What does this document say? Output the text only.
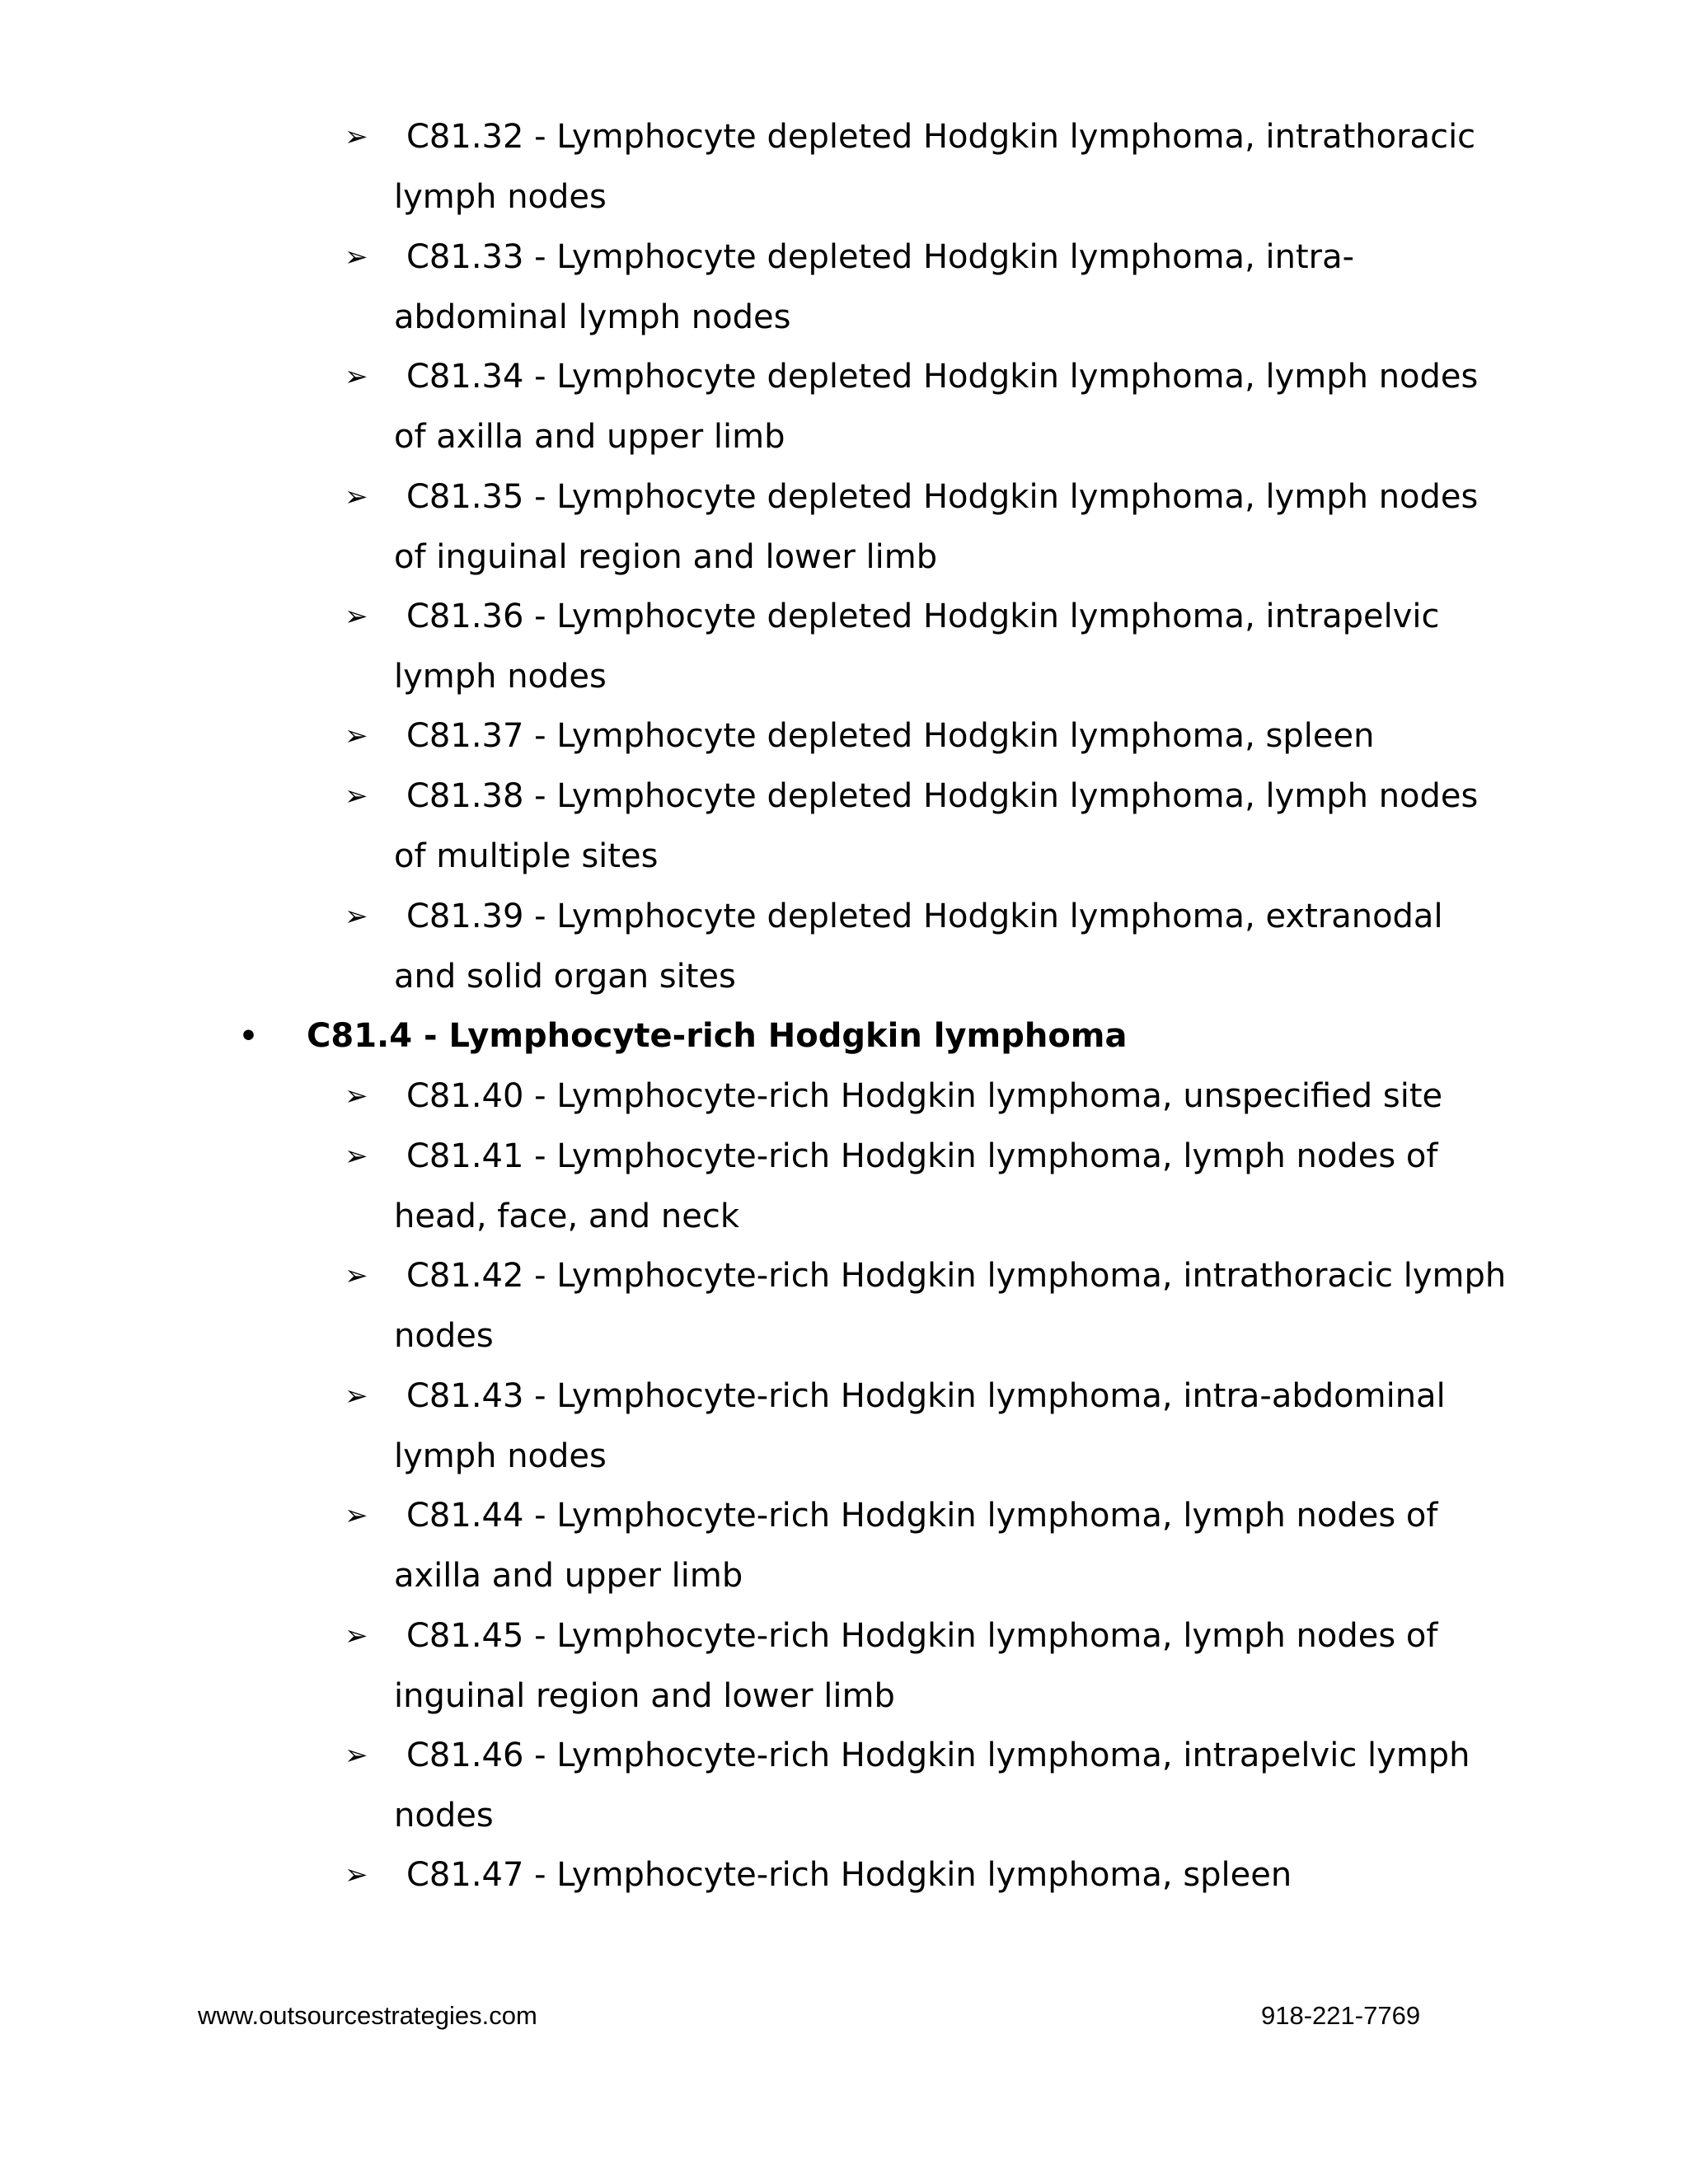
➢	C81.32 - Lymphocyte depleted Hodgkin lymphoma, intrathoracic lymph nodes
➢	C81.33 - Lymphocyte depleted Hodgkin lymphoma, intra-abdominal lymph nodes
➢	C81.34 - Lymphocyte depleted Hodgkin lymphoma, lymph nodes of axilla and upper limb
➢	C81.35 - Lymphocyte depleted Hodgkin lymphoma, lymph nodes of inguinal region and lower limb
➢	C81.36 - Lymphocyte depleted Hodgkin lymphoma, intrapelvic lymph nodes
➢	C81.37 - Lymphocyte depleted Hodgkin lymphoma, spleen
➢	C81.38 - Lymphocyte depleted Hodgkin lymphoma, lymph nodes of multiple sites
➢	C81.39 - Lymphocyte depleted Hodgkin lymphoma, extranodal and solid organ sites
• C81.4 - Lymphocyte-rich Hodgkin lymphoma
➢	C81.40 - Lymphocyte-rich Hodgkin lymphoma, unspecified site
➢	C81.41 - Lymphocyte-rich Hodgkin lymphoma, lymph nodes of head, face, and neck
➢	C81.42 - Lymphocyte-rich Hodgkin lymphoma, intrathoracic lymph nodes
➢	C81.43 - Lymphocyte-rich Hodgkin lymphoma, intra-abdominal lymph nodes
➢	C81.44 - Lymphocyte-rich Hodgkin lymphoma, lymph nodes of axilla and upper limb
➢	C81.45 - Lymphocyte-rich Hodgkin lymphoma, lymph nodes of inguinal region and lower limb
➢	C81.46 - Lymphocyte-rich Hodgkin lymphoma, intrapelvic lymph nodes
➢	C81.47 - Lymphocyte-rich Hodgkin lymphoma, spleen
www.outsourcestrategies.com	918-221-7769
